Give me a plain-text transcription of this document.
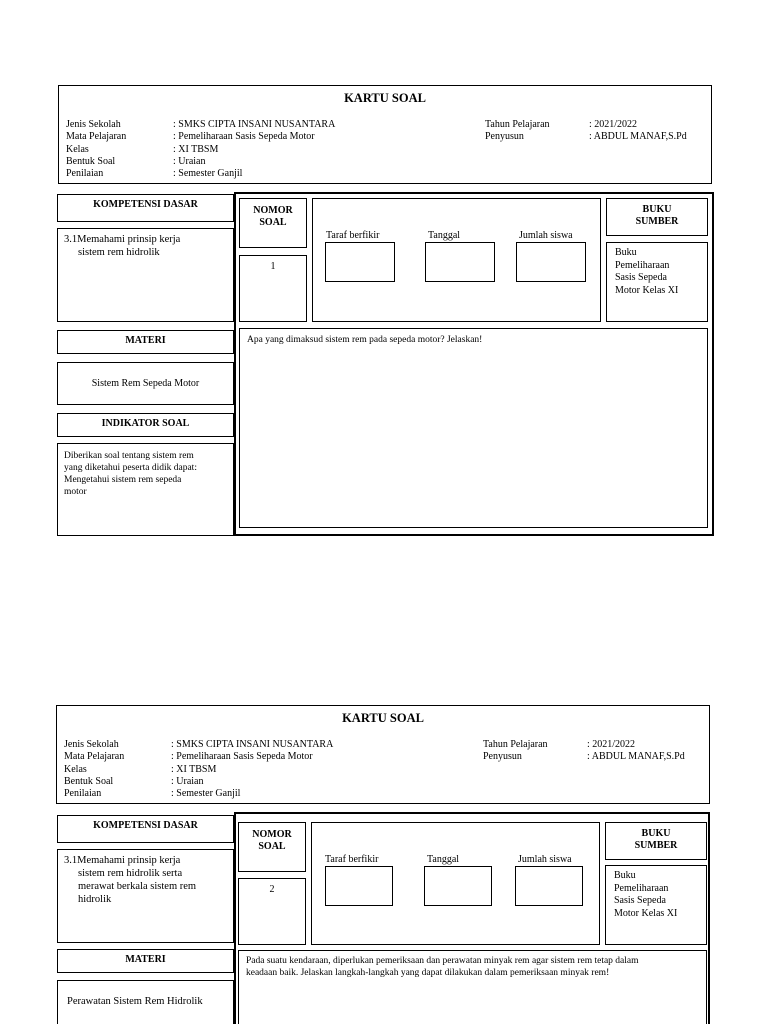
KARTU SOAL
Jenis Sekolah	: SMKS CIPTA INSANI NUSANTARA
Mata Pelajaran	: Pemeliharaan Sasis Sepeda Motor
Kelas	: XI TBSM
Bentuk Soal	: Uraian
Penilaian	: Semester Ganjil
Tahun Pelajaran	: 2021/2022
Penyusun	: ABDUL MANAF,S.Pd
KOMPETENSI DASAR
3.1Memahami prinsip kerja
sistem rem hidrolik
MATERI
Sistem Rem Sepeda Motor
INDIKATOR SOAL
Diberikan soal tentang sistem rem
yang diketahui peserta didik dapat:
Mengetahui sistem rem sepeda
motor
NOMOR
SOAL
1
Taraf berfikir	Tanggal	Jumlah siswa
BUKU
SUMBER
Buku
Pemeliharaan
Sasis Sepeda
Motor Kelas XI
Apa yang dimaksud sistem rem pada sepeda motor? Jelaskan!
KARTU SOAL
Jenis Sekolah	: SMKS CIPTA INSANI NUSANTARA
Mata Pelajaran	: Pemeliharaan Sasis Sepeda Motor
Kelas	: XI TBSM
Bentuk Soal	: Uraian
Penilaian	: Semester Ganjil
Tahun Pelajaran	: 2021/2022
Penyusun	: ABDUL MANAF,S.Pd
KOMPETENSI DASAR
3.1Memahami prinsip kerja
sistem rem hidrolik serta
merawat berkala sistem rem
hidrolik
MATERI
Perawatan Sistem Rem Hidrolik
NOMOR
SOAL
2
Taraf berfikir	Tanggal	Jumlah siswa
BUKU
SUMBER
Buku
Pemeliharaan
Sasis Sepeda
Motor Kelas XI
Pada suatu kendaraan, diperlukan pemeriksaan dan perawatan minyak rem agar sistem rem tetap dalam
keadaan baik. Jelaskan langkah-langkah yang dapat dilakukan dalam pemeriksaan minyak rem!
